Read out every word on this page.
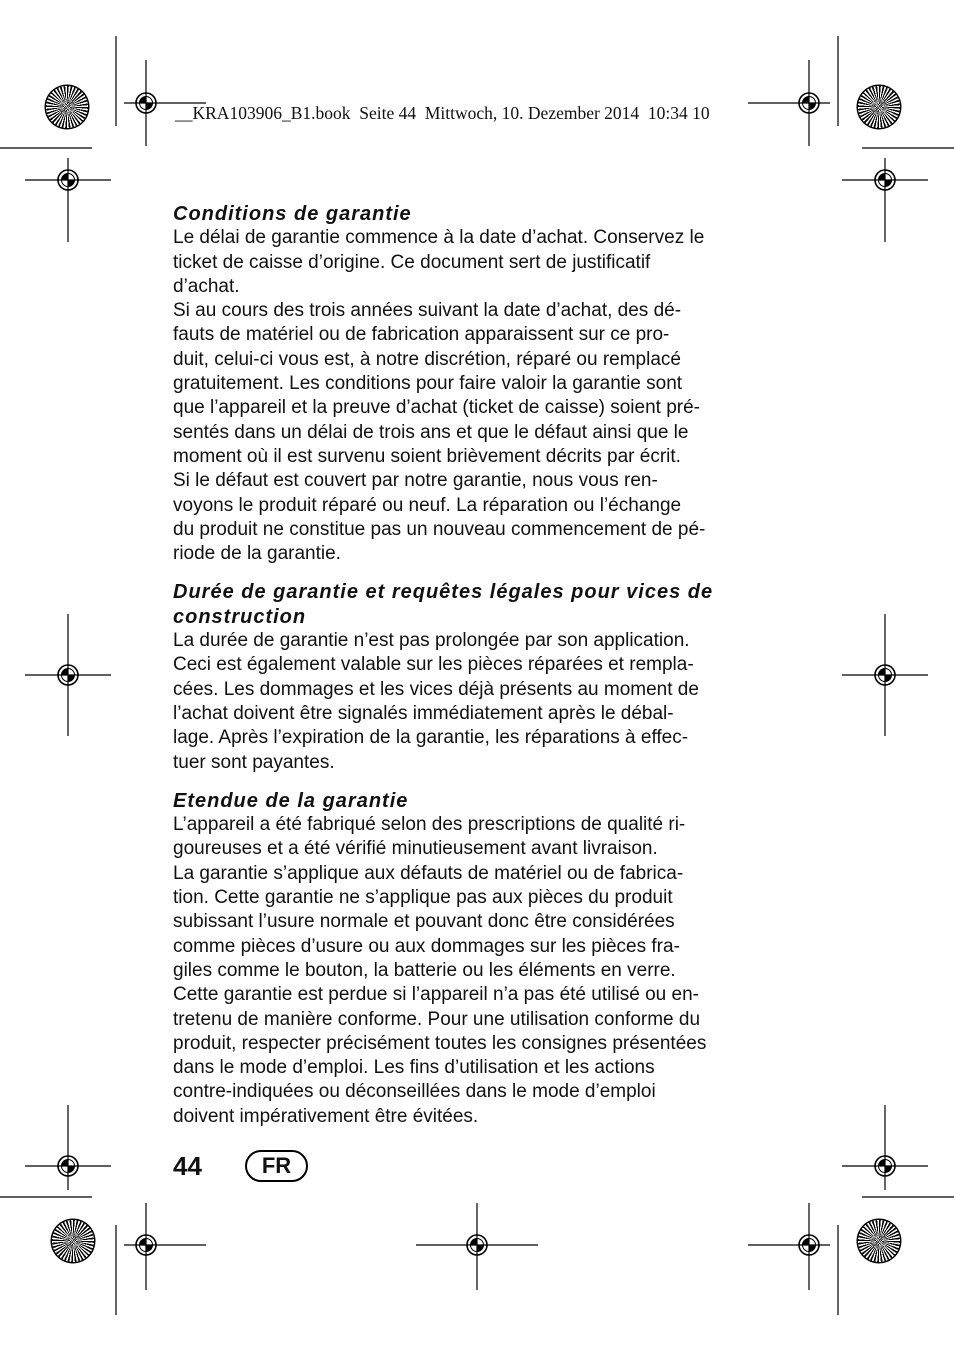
__KRA103906_B1.book  Seite 44  Mittwoch, 10. Dezember 2014  10:34 10
Conditions de garantie
Le délai de garantie commence à la date d’achat. Conservez le
ticket de caisse d’origine. Ce document sert de justificatif
d’achat.
Si au cours des trois années suivant la date d’achat, des dé-
fauts de matériel ou de fabrication apparaissent sur ce pro-
duit, celui-ci vous est, à notre discrétion, réparé ou remplacé
gratuitement. Les conditions pour faire valoir la garantie sont
que l’appareil et la preuve d’achat (ticket de caisse) soient pré-
sentés dans un délai de trois ans et que le défaut ainsi que le
moment où il est survenu soient brièvement décrits par écrit.
Si le défaut est couvert par notre garantie, nous vous ren-
voyons le produit réparé ou neuf. La réparation ou l’échange
du produit ne constitue pas un nouveau commencement de pé-
riode de la garantie.
Durée de garantie et requêtes légales pour vices de
construction
La durée de garantie n’est pas prolongée par son application.
Ceci est également valable sur les pièces réparées et rempla-
cées. Les dommages et les vices déjà présents au moment de
l’achat doivent être signalés immédiatement après le débal-
lage. Après l’expiration de la garantie, les réparations à effec-
tuer sont payantes.
Etendue de la garantie
L’appareil a été fabriqué selon des prescriptions de qualité ri-
goureuses et a été vérifié minutieusement avant livraison.
La garantie s’applique aux défauts de matériel ou de fabrica-
tion. Cette garantie ne s’applique pas aux pièces du produit
subissant l’usure normale et pouvant donc être considérées
comme pièces d’usure ou aux dommages sur les pièces fra-
giles comme le bouton, la batterie ou les éléments en verre.
Cette garantie est perdue si l’appareil n’a pas été utilisé ou en-
tretenu de manière conforme. Pour une utilisation conforme du
produit, respecter précisément toutes les consignes présentées
dans le mode d’emploi. Les fins d’utilisation et les actions
contre-indiquées ou déconseillées dans le mode d’emploi
doivent impérativement être évitées.
44	FR
